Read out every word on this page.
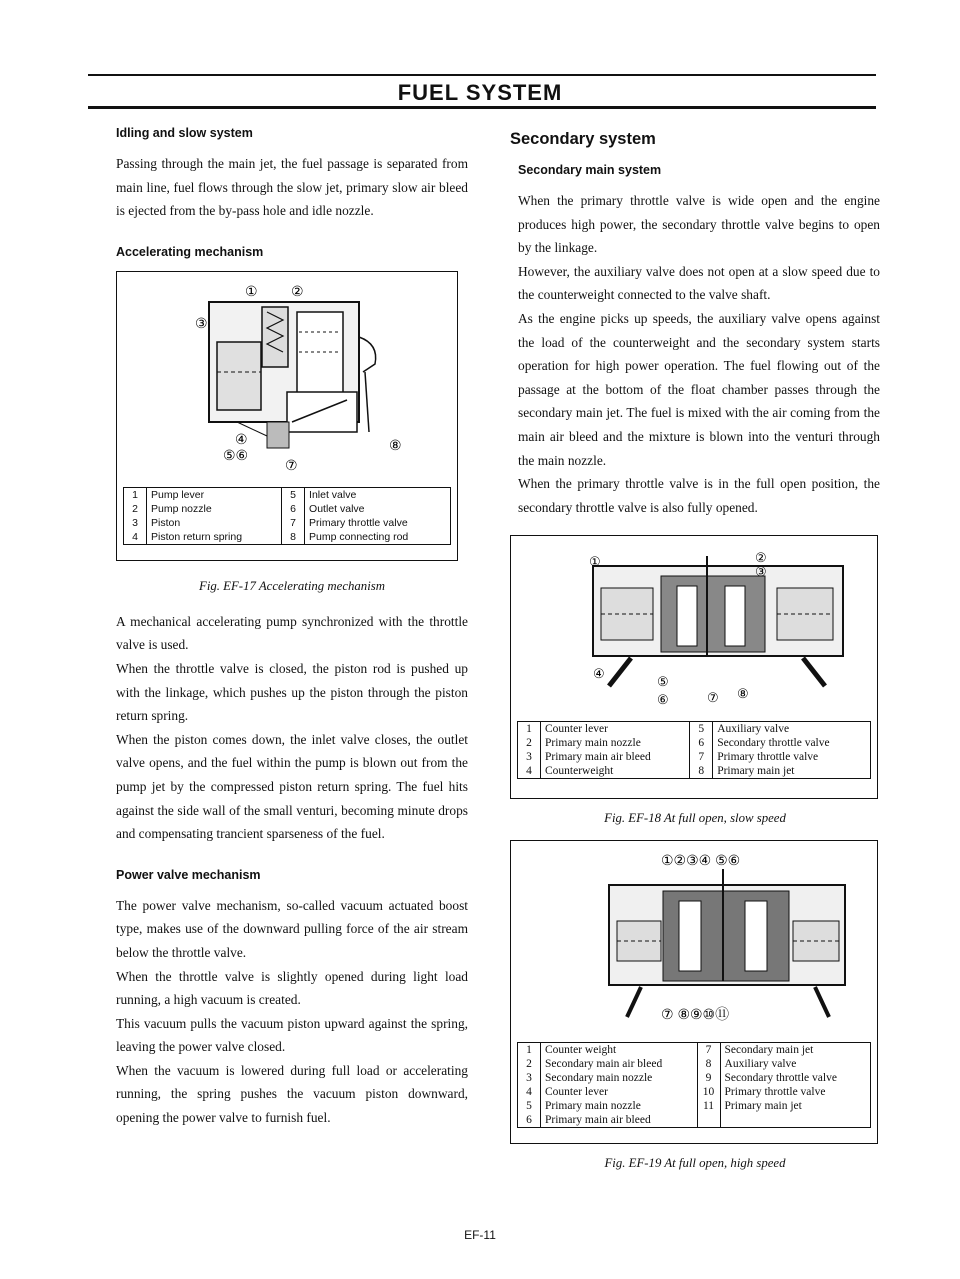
FUEL SYSTEM
Idling and slow system

Passing through the main jet, the fuel passage is separated from main line, fuel flows through the slow jet, primary slow air bleed is ejected from the by-pass hole and idle nozzle.

Accelerating mechanism
① ②
③
④
⑤⑥
⑦
⑧
1	Pump lever	5	Inlet valve
2	Pump nozzle	6	Outlet valve
3	Piston	7	Primary throttle valve
4	Piston return spring	8	Pump connecting rod
Fig. EF-17 Accelerating mechanism

A mechanical accelerating pump synchronized with the throttle valve is used.

When the throttle valve is closed, the piston rod is pushed up with the linkage, which pushes up the piston through the piston return spring.

When the piston comes down, the inlet valve closes, the outlet valve opens, and the fuel within the pump is blown out from the pump jet by the compressed piston return spring. The fuel hits against the side wall of the small venturi, becoming minute drops and compensating trancient sparseness of the fuel.

Power valve mechanism

The power valve mechanism, so-called vacuum actuated boost type, makes use of the downward pulling force of the air stream below the throttle valve.

When the throttle valve is slightly opened during light load running, a high vacuum is created.

This vacuum pulls the vacuum piston upward against the spring, leaving the power valve closed.

When the vacuum is lowered during full load or accelerating running, the spring pushes the vacuum piston downward, opening the power valve to furnish fuel.

Secondary system
Secondary main system

When the primary throttle valve is wide open and the engine produces high power, the secondary throttle valve begins to open by the linkage.

However, the auxiliary valve does not open at a slow speed due to the counterweight connected to the valve shaft.

As the engine picks up speeds, the auxiliary valve opens against the load of the counterweight and the secondary system starts operation for high power operation. The fuel flowing out of the passage at the bottom of the float chamber passes through the secondary main jet. The fuel is mixed with the air coming from the main air bleed and the mixture is blown into the venturi through the main nozzle.

When the primary throttle valve is in the full open position, the secondary throttle valve is also fully opened.

①	②
③
④
⑤
⑥	⑦ ⑧
1	Counter lever	5	Auxiliary valve
2	Primary main nozzle	6	Secondary throttle valve
3	Primary main air bleed	7	Primary throttle valve
4	Counterweight	8	Primary main jet
Fig. EF-18 At full open, slow speed
①②③④ ⑤⑥
⑦ ⑧⑨⑩⑪
1	Counter weight	7	Secondary main jet
2	Secondary main air bleed	8	Auxiliary valve
3	Secondary main nozzle	9	Secondary throttle valve
4	Counter lever	10	Primary throttle valve
5	Primary main nozzle	11	Primary main jet
6	Primary main air bleed		
Fig. EF-19 At full open, high speed
EF-11
